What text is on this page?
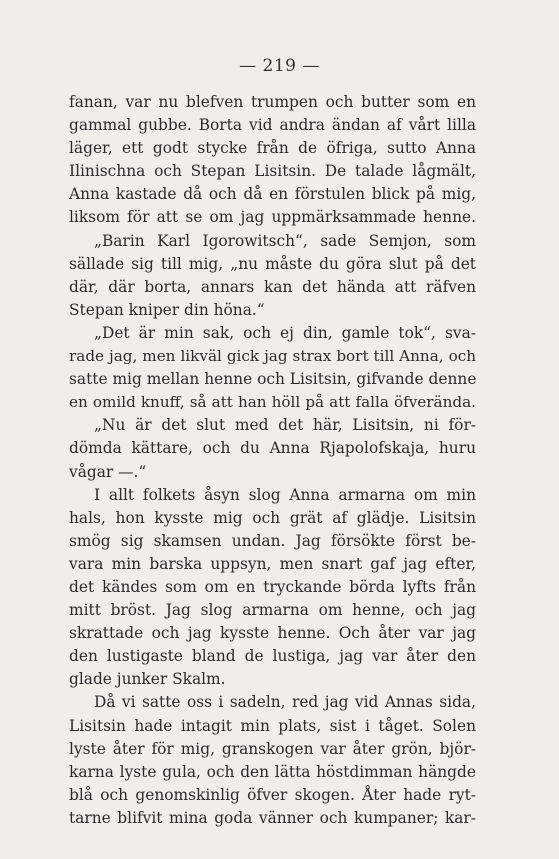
— 219 —
fanan, var nu blefven trumpen och butter som en
gammal gubbe. Borta vid andra ändan af vårt lilla
läger, ett godt stycke från de öfriga, sutto Anna
Ilinischna och Stepan Lisitsin. De talade lågmält,
Anna kastade då och då en förstulen blick på mig,
liksom för att se om jag uppmärksammade henne.
„Barin Karl Igorowitsch“, sade Semjon, som
sällade sig till mig, „nu måste du göra slut på det
där, där borta, annars kan det hända att räfven
Stepan kniper din höna.“
„Det är min sak, och ej din, gamle tok“, sva-
rade jag, men likväl gick jag strax bort till Anna, och
satte mig mellan henne och Lisitsin, gifvande denne
en omild knuff, så att han höll på att falla öfverända.
„Nu är det slut med det här, Lisitsin, ni för-
dömda kättare, och du Anna Rjapolofskaja, huru
vågar —.“
I allt folkets åsyn slog Anna armarna om min
hals, hon kysste mig och grät af glädje. Lisitsin
smög sig skamsen undan. Jag försökte först be-
vara min barska uppsyn, men snart gaf jag efter,
det kändes som om en tryckande börda lyfts från
mitt bröst. Jag slog armarna om henne, och jag
skrattade och jag kysste henne. Och åter var jag
den lustigaste bland de lustiga, jag var åter den
glade junker Skalm.
Då vi satte oss i sadeln, red jag vid Annas sida,
Lisitsin hade intagit min plats, sist i tåget. Solen
lyste åter för mig, granskogen var åter grön, björ-
karna lyste gula, och den lätta höstdimman hängde
blå och genomskinlig öfver skogen. Åter hade ryt-
tarne blifvit mina goda vänner och kumpaner; kar-
